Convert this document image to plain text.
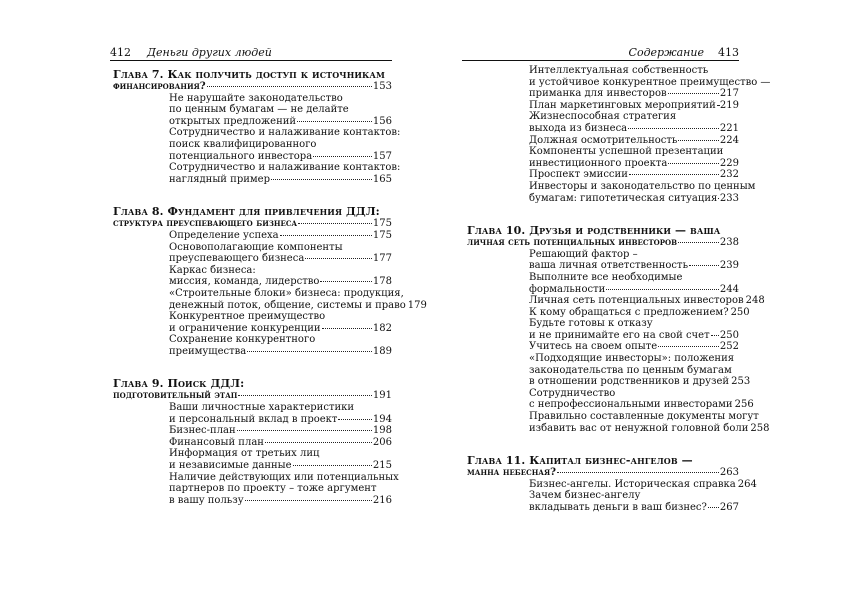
412 Деньги других людей
Глава 7. Как получить доступ к источникам
финансирования?	153
Не нарушайте законодательство
по ценным бумагам — не делайте
открытых предложений	156
Сотрудничество и налаживание контактов:
поиск квалифицированного
потенциального инвестора	157
Сотрудничество и налаживание контактов:
наглядный пример	165
Глава 8. Фундамент для привлечения ДДЛ:
структура преуспевающего бизнеса	175
Определение успеха	175
Основополагающие компоненты
преуспевающего бизнеса	177
Каркас бизнеса:
миссия, команда, лидерство	178
«Строительные блоки» бизнеса: продукция,
денежный поток, общение, системы и право 179
Конкурентное преимущество
и ограничение конкуренции	182
Сохранение конкурентного
преимущества	189
Глава 9. Поиск ДДЛ:
подготовительный этап	191
Ваши личностные характеристики
и персональный вклад в проект	194
Бизнес-план	198
Финансовый план	206
Информация от третьих лиц
и независимые данные	215
Наличие действующих или потенциальных
партнеров по проекту – тоже аргумент
в вашу пользу	216
Содержание 413
Интеллектуальная собственность
и устойчивое конкурентное преимущество —
приманка для инвесторов	217
План маркетинговых мероприятий 219
Жизнеспособная стратегия
выхода из бизнеса	221
Должная осмотрительность	224
Компоненты успешной презентации
инвестиционного проекта	229
Проспект эмиссии	232
Инвесторы и законодательство по ценным
бумагам: гипотетическая ситуация 233
Глава 10. Друзья и родственники — ваша
личная сеть потенциальных инвесторов	238
Решающий фактор –
ваша личная ответственность	239
Выполните все необходимые
формальности	244
Личная сеть потенциальных инвесторов 248
К кому обращаться с предложением? 250
Будьте готовы к отказу
и не принимайте его на свой счет 250
Учитесь на своем опыте	252
«Подходящие инвесторы»: положения
законодательства по ценным бумагам
в отношении родственников и друзей 253
Сотрудничество
с непрофессиональными инвесторами 256
Правильно составленные документы могут
избавить вас от ненужной головной боли 258
Глава 11. Капитал бизнес-ангелов —
манна небесная?	263
Бизнес-ангелы. Историческая справка 264
Зачем бизнес-ангелу
вкладывать деньги в ваш бизнес? 267
